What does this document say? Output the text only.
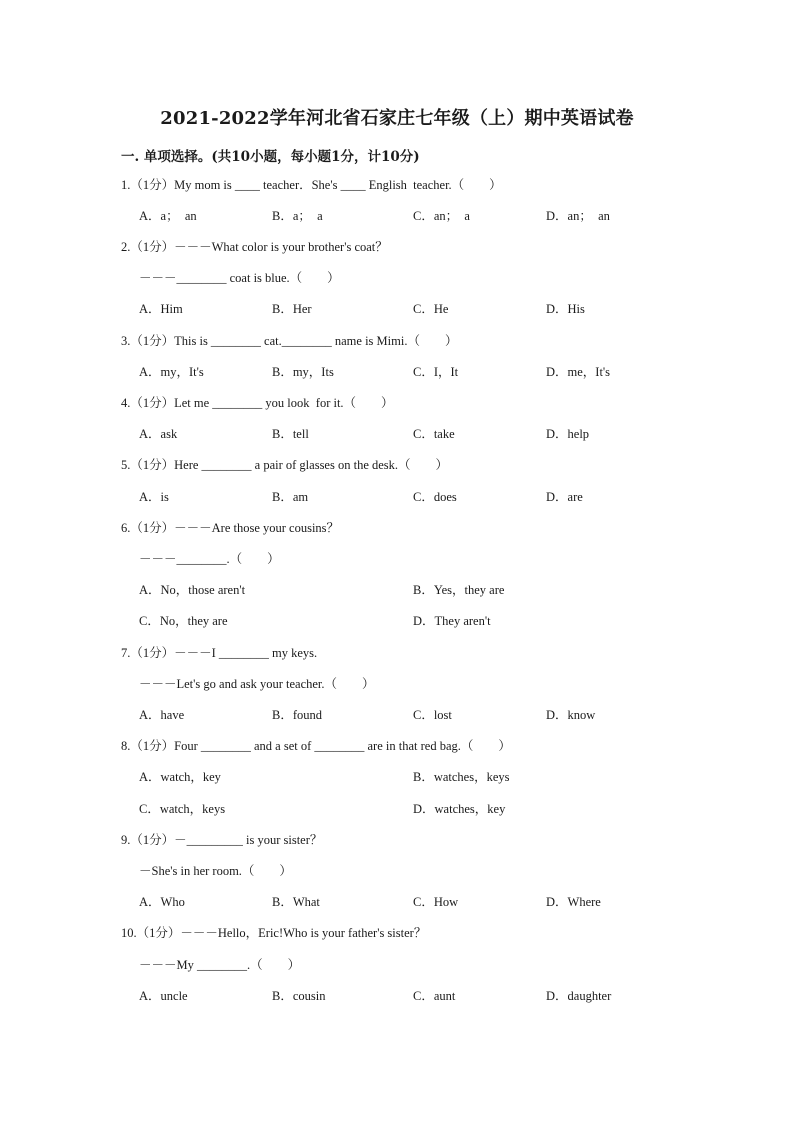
2021-2022学年河北省石家庄七年级（上）期中英语试卷
一. 单项选择。(共10小题，每小题1分，计10分)
1.（1分）My mom is ____ teacher．She's ____ English  teacher.（　　）
A．a；  an	B．a；  a	C．an；  a	D．an；  an
2.（1分）－－－What color is your brother's coat？
－－－________ coat is blue.（　　）
A．Him	B．Her	C．He	D．His
3.（1分）This is ________ cat.________ name is Mimi.（　　）
A．my，It's	B．my，Its	C．I，It	D．me，It's
4.（1分）Let me ________ you look  for it.（　　）
A．ask	B．tell	C．take	D．help
5.（1分）Here ________ a pair of glasses on the desk.（　　）
A．is	B．am	C．does	D．are
6.（1分）－－－Are those your cousins？
－－－________.（　　）
A．No，those aren't	B．Yes，they are
C．No，they are	D．They aren't
7.（1分）－－－I ________ my keys.
－－－Let's go and ask your teacher.（　　）
A．have	B．found	C．lost	D．know
8.（1分）Four ________ and a set of ________ are in that red bag.（　　）
A．watch，key	B．watches，keys
C．watch，keys	D．watches，key
9.（1分）－_________ is your sister？
－She's in her room.（　　）
A．Who	B．What	C．How	D．Where
10.（1分）－－－Hello，Eric!Who is your father's sister？
－－－My ________.（　　）
A．uncle	B．cousin	C．aunt	D．daughter
